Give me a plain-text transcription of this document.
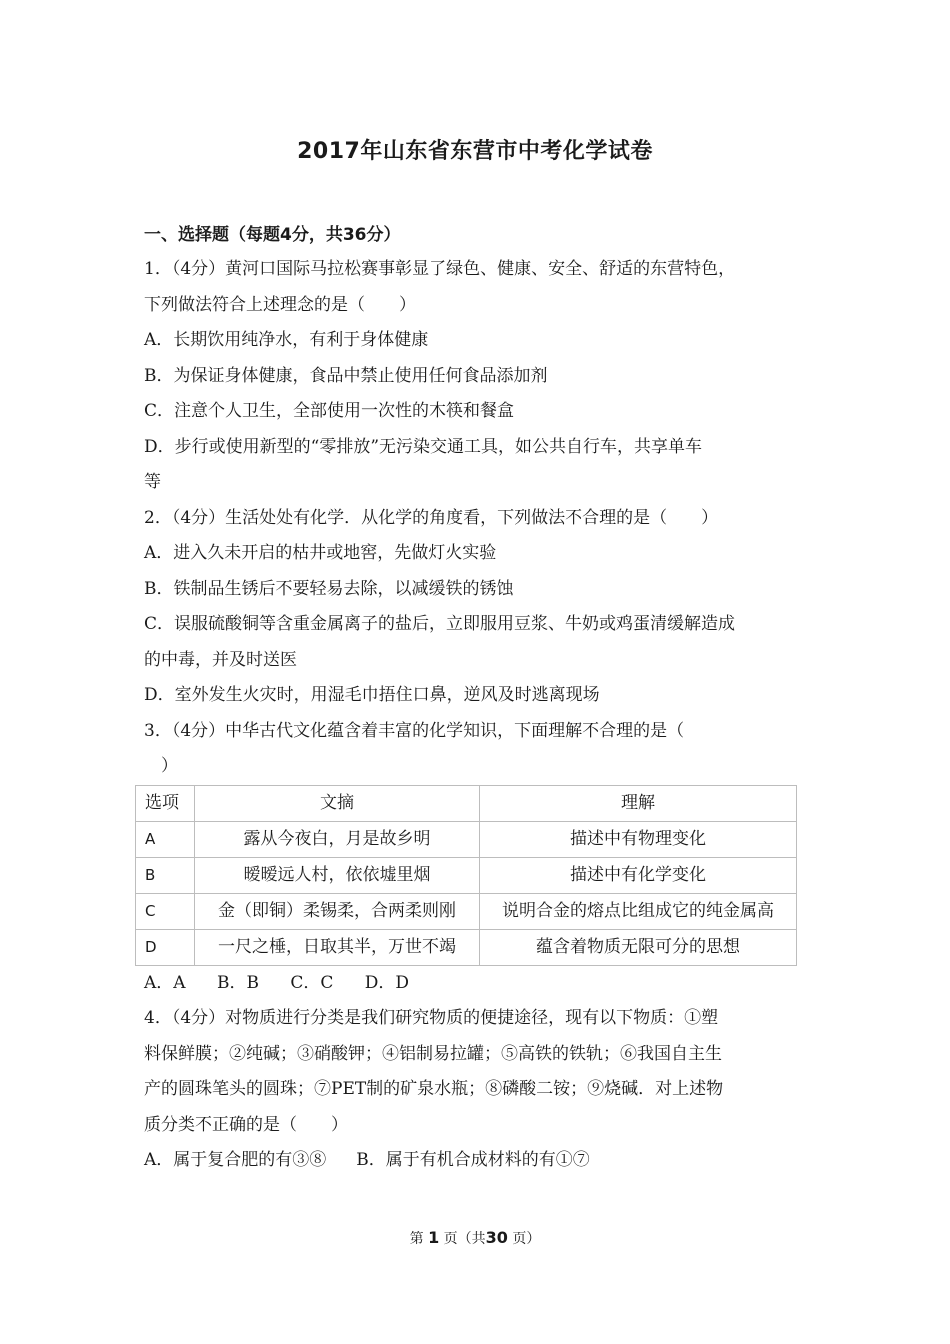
2017年山东省东营市中考化学试卷
一、选择题（每题4分，共36分）
1．（4分）黄河口国际马拉松赛事彰显了绿色、健康、安全、舒适的东营特色，
下列做法符合上述理念的是（　　）
A．长期饮用纯净水，有利于身体健康
B．为保证身体健康，食品中禁止使用任何食品添加剂
C．注意个人卫生，全部使用一次性的木筷和餐盒
D．步行或使用新型的“零排放”无污染交通工具，如公共自行车，共享单车
等
2．（4分）生活处处有化学．从化学的角度看，下列做法不合理的是（　　）
A．进入久未开启的枯井或地窖，先做灯火实验
B．铁制品生锈后不要轻易去除，以减缓铁的锈蚀
C．误服硫酸铜等含重金属离子的盐后，立即服用豆浆、牛奶或鸡蛋清缓解造成
的中毒，并及时送医
D．室外发生火灾时，用湿毛巾捂住口鼻，逆风及时逃离现场
3．（4分）中华古代文化蕴含着丰富的化学知识，下面理解不合理的是（
　）
选项	文摘	理解
A	露从今夜白，月是故乡明	描述中有物理变化
B	暧暧远人村，依依墟里烟	描述中有化学变化
C	金（即铜）柔锡柔，合两柔则刚	说明合金的熔点比组成它的纯金属高
D	一尺之棰，日取其半，万世不竭	蕴含着物质无限可分的思想
A．A B．B C．C D．D
4．（4分）对物质进行分类是我们研究物质的便捷途径，现有以下物质：①塑
料保鲜膜；②纯碱；③硝酸钾；④铝制易拉罐；⑤高铁的铁轨；⑥我国自主生
产的圆珠笔头的圆珠；⑦PET制的矿泉水瓶；⑧磷酸二铵；⑨烧碱．对上述物
质分类不正确的是（　　）
A．属于复合肥的有③⑧ B．属于有机合成材料的有①⑦
第 1 页（共30 页）
